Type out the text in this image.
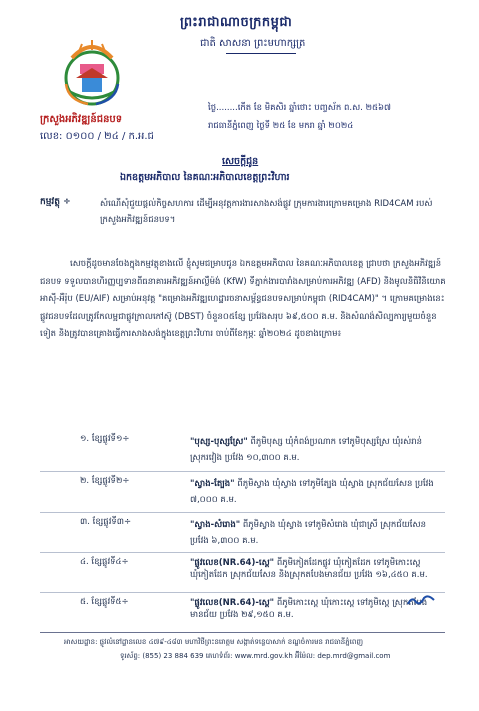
ព្រះរាជាណាចក្រកម្ពុជា
ជាតិ សាសនា ព្រះមហាក្សត្រ
ក្រសួងអភិវឌ្ឍន៍ជនបទ
លេខ: ០១០០ / ២៤ / ក.អ.ជ
ថ្ងៃ........កើត ខែ មិគសិរ ឆ្នាំថោះ បញ្ចស័ក ព.ស. ២៥៦៧
រាជធានីភ្នំពេញ ថ្ងៃទី ២៥ ខែ មករា ឆ្នាំ ២០២៤
សេចក្តីជូន
ឯកឧត្តមអភិបាល នៃគណៈអភិបាលខេត្តព្រះវិហារ
កម្មវត្ថុ ÷	សំណើសុំជួយផ្តល់កិច្ចសហការ ដើម្បីអនុវត្តការងារសាងសង់ផ្លូវ ក្រុមការងារក្រោមគម្រោង RID4CAM របស់ក្រសួងអភិវឌ្ឍន៍ជនបទ។
សេចក្តីដូចមានចែងក្នុងកម្មវត្ថុខាងលើ ខ្ញុំសូមជម្រាបជូន ឯកឧត្តមអភិបាល នៃគណៈអភិបាលខេត្ត ជ្រាបថា ក្រសួងអភិវឌ្ឍន៍ជនបទ ទទួលបានហិរញ្ញប្បទានពីធនាគារអភិវឌ្ឍន៍អាល្លឺម៉ង់ (KfW) ទីភ្នាក់ងារបារាំងសម្រាប់ការអភិវឌ្ឍ (AFD) និងមូលនិធិវិនិយោគអាស៊ី-អឺរ៉ុប (EU/AIF) សម្រាប់អនុវត្ត "គម្រោងអភិវឌ្ឍហេដ្ឋារចនាសម្ព័ន្ធជនបទសម្រាប់កម្ពុជា (RID4CAM)" ។ ក្រោមគម្រោងនេះ ផ្លូវជនបទដែលត្រូវកែលម្អជាផ្លូវក្រាលកៅស៊ូ (DBST) ចំនួន០៥ខ្សែ ប្រវែងសរុប ៦៩,៥០០ គ.ម. និងសំណង់សិល្បការ្យមួយចំនួនទៀត និងត្រូវបានគ្រោងធ្វើការសាងសង់ក្នុងខេត្តព្រះវិហារ ចាប់ពីខែកុម្ភៈ ឆ្នាំ២០២៤ ដូចខាងក្រោម៖
១. ខ្សែផ្លូវទី១÷	"បុស្ស-បុស្សស្រែ" ពីភូមិបុស្ស ឃុំកំពង់ប្រណាក ទៅភូមិបុស្សស្រែ ឃុំរស់រាន់ ស្រុករវៀង ប្រវែង ១០,៣០០ គ.ម.
២. ខ្សែផ្លូវទី២÷	"ស្វាង-ត្បែង" ពីភូមិស្វាង ឃុំស្វាង ទៅភូមិត្បែង ឃុំស្វាង ស្រុកជ័យសែន ប្រវែង ៧,០០០ គ.ម.
៣. ខ្សែផ្លូវទី៣÷	"ស្វាង-សំរោង" ពីភូមិស្វាង ឃុំស្វាង ទៅភូមិសំរោង ឃុំជាស្រី ស្រុកជ័យសែន ប្រវែង ៦,៣០០ គ.ម.
៤. ខ្សែផ្លូវទី៤÷	"ផ្លូវលេខ(NR.64)-ស្ពេ" ពីភូមិកៀតដែកផ្លូវ ឃុំកៀតដែក ទៅភូមិកោះស្ពេ ឃុំកៀតដែក ស្រុកជ័យសែន និងស្រុកតបែងមានជ័យ ប្រវែង ១៦,៤៥០ គ.ម.
៥. ខ្សែផ្លូវទី៥÷	"ផ្លូវលេខ(NR.64)-ស្ពេ" ពីភូមិកោះស្ពេ ឃុំកោះស្ពេ ទៅភូមិស្ពេ ស្រុកតបែងមានជ័យ ប្រវែង ២៩,១៥០ គ.ម.
អាសយដ្ឋាន: ផ្លូវលំនៅដ្ឋានលេខ ៤៧៩-៤៨៣ មហាវិថីព្រះនរោត្តម សង្កាត់ទន្លេបាសាក់ ខណ្ឌចំការមន រាជធានីភ្នំពេញ
ទូរស័ព្ទ: (855) 23 884 639 គេហទំព័រ: www.mrd.gov.kh អ៊ីម៉ែល: dep.mrd@gmail.com
